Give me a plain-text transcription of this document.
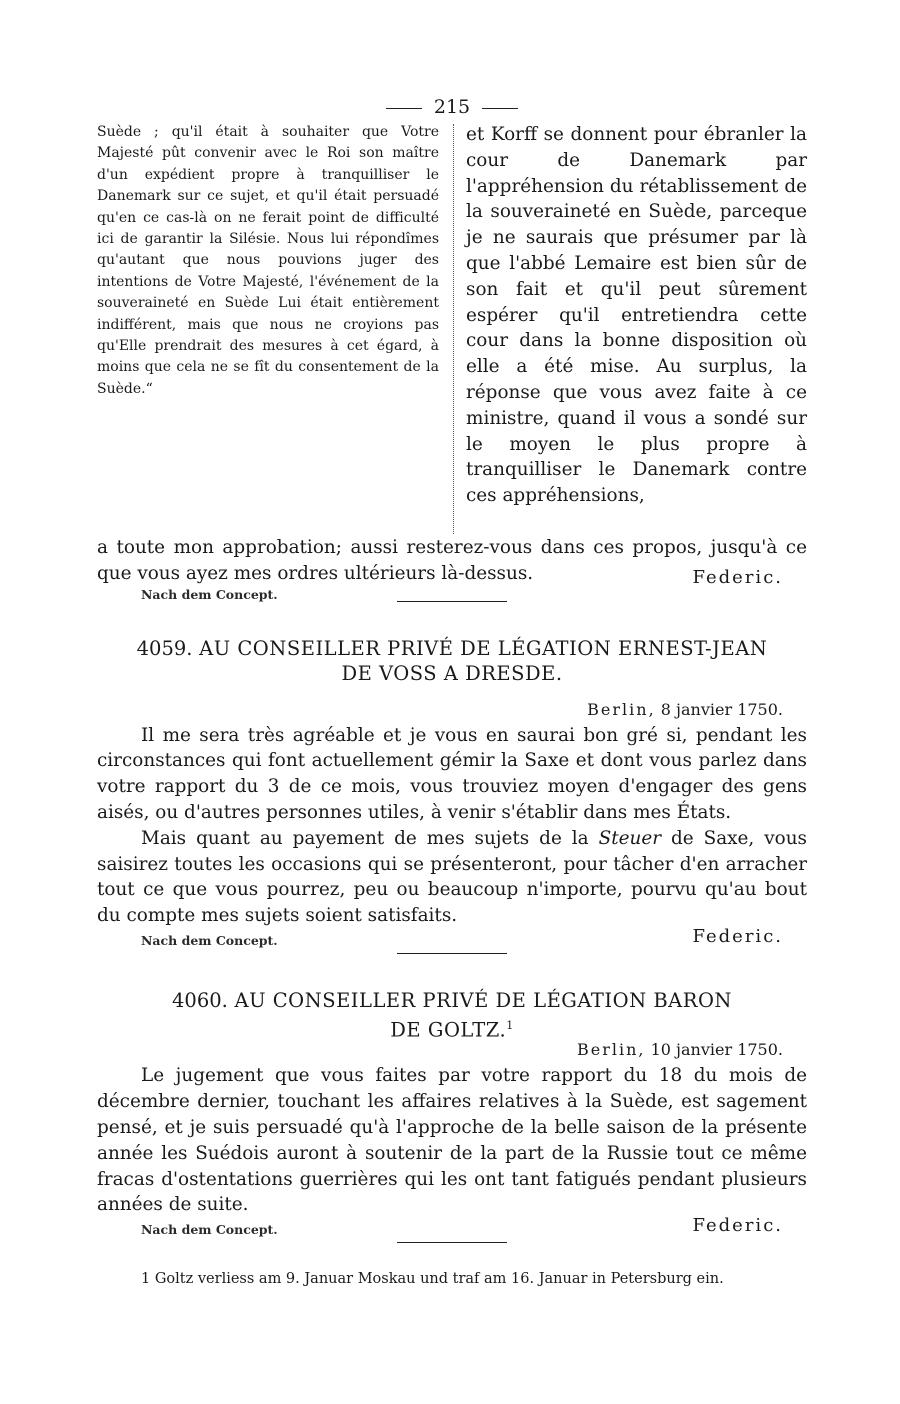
215

Suède ; qu'il était à souhaiter que Votre Majesté pût convenir avec le Roi son maître d'un expédient propre à tranquilliser le Danemark sur ce sujet, et qu'il était persuadé qu'en ce cas-là on ne ferait point de difficulté ici de garantir la Silésie. Nous lui répondîmes qu'autant que nous pouvions juger des intentions de Votre Majesté, l'événement de la souveraineté en Suède Lui était entièrement indifférent, mais que nous ne croyions pas qu'Elle prendrait des mesures à cet égard, à moins que cela ne se fît du consentement de la Suède.“

et Korff se donnent pour ébranler la cour de Danemark par l'appréhension du rétablissement de la souveraineté en Suède, parceque je ne saurais que présumer par là que l'abbé Lemaire est bien sûr de son fait et qu'il peut sûrement espérer qu'il entretiendra cette cour dans la bonne disposition où elle a été mise. Au surplus, la réponse que vous avez faite à ce ministre, quand il vous a sondé sur le moyen le plus propre à tranquilliser le Danemark contre ces appréhensions,

a toute mon approbation; aussi resterez-vous dans ces propos, jusqu'à ce que vous ayez mes ordres ultérieurs là-dessus.	Federic.
Nach dem Concept.

4059. AU CONSEILLER PRIVÉ DE LÉGATION ERNEST-JEAN

DE VOSS A DRESDE.

Berlin, 8 janvier 1750.

Il me sera très agréable et je vous en saurai bon gré si, pendant les circonstances qui font actuellement gémir la Saxe et dont vous parlez dans votre rapport du 3 de ce mois, vous trouviez moyen d'engager des gens aisés, ou d'autres personnes utiles, à venir s'établir dans mes États.

Mais quant au payement de mes sujets de la Steuer de Saxe, vous saisirez toutes les occasions qui se présenteront, pour tâcher d'en arracher tout ce que vous pourrez, peu ou beaucoup n'importe, pourvu qu'au bout du compte mes sujets soient satisfaits.

Federic.
Nach dem Concept.

4060. AU CONSEILLER PRIVÉ DE LÉGATION BARON

DE GOLTZ.$^1$

Berlin, 10 janvier 1750.

Le jugement que vous faites par votre rapport du 18 du mois de décembre dernier, touchant les affaires relatives à la Suède, est sagement pensé, et je suis persuadé qu'à l'approche de la belle saison de la présente année les Suédois auront à soutenir de la part de la Russie tout ce même fracas d'ostentations guerrières qui les ont tant fatigués pendant plusieurs années de suite.

Federic.
Nach dem Concept.

1 Goltz verliess am 9. Januar Moskau und traf am 16. Januar in Petersburg ein.
